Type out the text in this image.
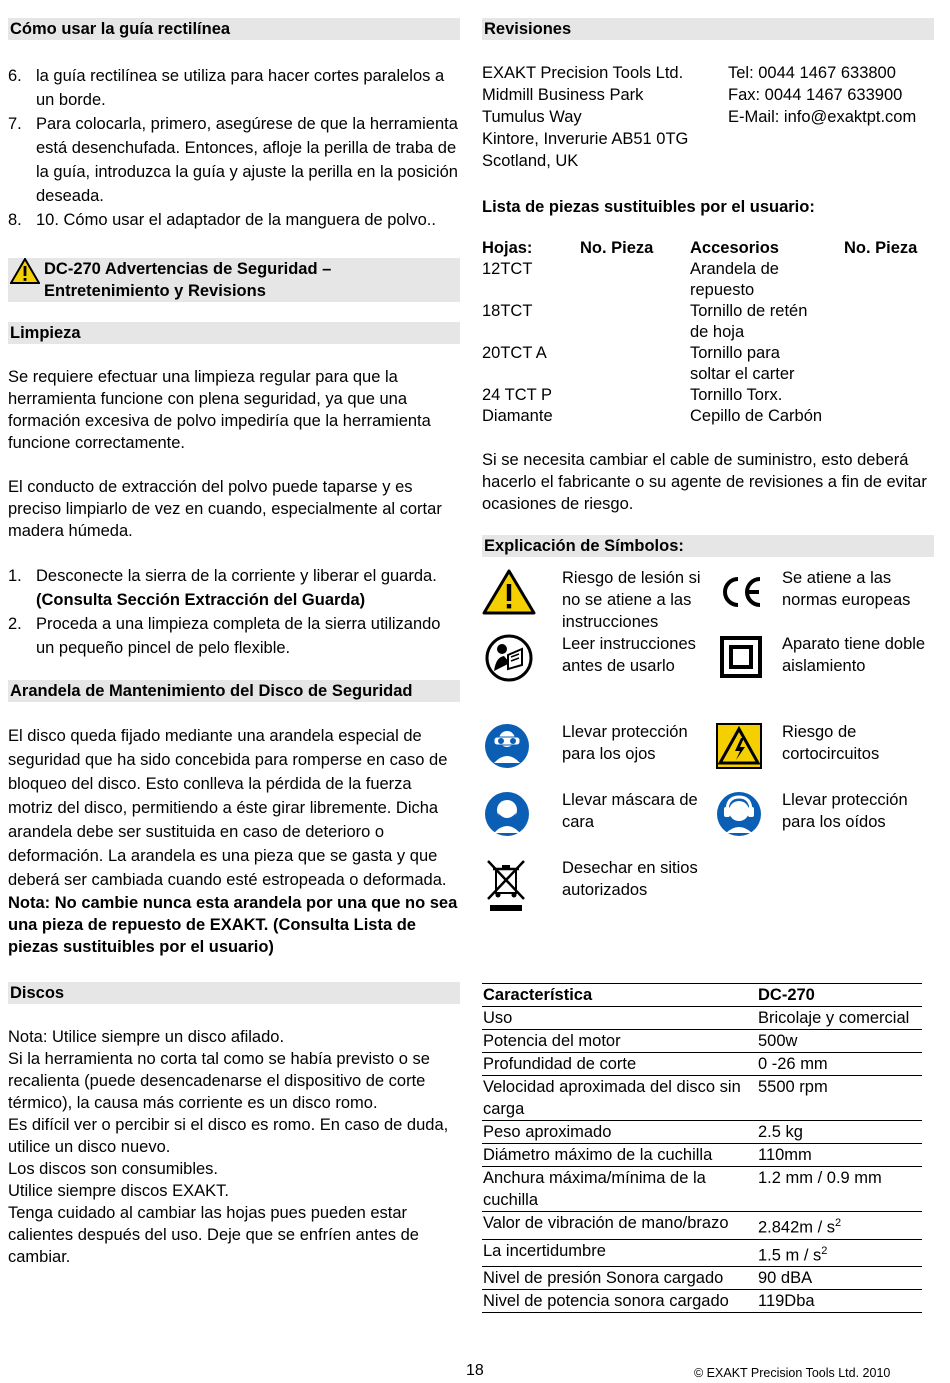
Cómo usar la guía rectilínea
6. la guía rectilínea se utiliza para hacer cortes paralelos a un borde.
7. Para colocarla, primero, asegúrese de que la herramienta está desenchufada. Entonces, afloje la perilla de traba de la guía, introduzca la guía y ajuste la perilla en la posición deseada.
8. 10. Cómo usar el adaptador de la manguera de polvo..
DC-270 Advertencias de Seguridad – Entretenimiento y Revisions
Limpieza
Se requiere efectuar una limpieza regular para que la herramienta funcione con plena seguridad, ya que una formación excesiva de polvo impediría que la herramienta funcione correctamente.
El conducto de extracción del polvo puede taparse y es preciso limpiarlo de vez en cuando, especialmente al cortar madera húmeda.
1. Desconecte la sierra de la corriente y liberar el guarda.
(Consulta Sección Extracción del Guarda)
2. Proceda a una limpieza completa de la sierra utilizando un pequeño pincel de pelo flexible.
Arandela de Mantenimiento del Disco de Seguridad
El disco queda fijado mediante una arandela especial de seguridad que ha sido concebida para romperse en caso de bloqueo del disco. Esto conlleva la pérdida de la fuerza motriz del disco, permitiendo a éste girar libremente. Dicha arandela debe ser sustituida en caso de deterioro o deformación. La arandela es una pieza que se gasta y que deberá ser cambiada cuando esté estropeada o deformada.
Nota: No cambie nunca esta arandela por una que no sea una pieza de repuesto de EXAKT. (Consulta Lista de piezas sustituibles por el usuario)
Discos
Nota: Utilice siempre un disco afilado.
Si la herramienta no corta tal como se había previsto o se recalienta (puede desencadenarse el dispositivo de corte térmico), la causa más corriente es un disco romo.
Es difícil ver o percibir si el disco es romo. En caso de duda, utilice un disco nuevo.
Los discos son consumibles.
Utilice siempre discos EXAKT.
Tenga cuidado al cambiar las hojas pues pueden estar calientes después del uso. Deje que se enfríen antes de cambiar.
Revisiones
EXAKT Precision Tools Ltd.
Midmill Business Park
Tumulus Way
Kintore, Inverurie AB51 0TG
Scotland, UK
Tel: 0044 1467 633800
Fax: 0044 1467 633900
E-Mail: info@exaktpt.com
Lista de piezas sustituibles por el usuario:
Hojas:	No. Pieza	Accesorios	No. Pieza
12TCT		Arandela de repuesto	
18TCT		Tornillo de retén de hoja	
20TCT A		Tornillo para soltar el carter	
24 TCT P		Tornillo Torx.	
Diamante		Cepillo de Carbón	
Si se necesita cambiar el cable de suministro, esto deberá hacerlo el fabricante o su agente de revisiones a fin de evitar ocasiones de riesgo.
Explicación de Símbolos:
Riesgo de lesión si no se atiene a las instrucciones
Se atiene a las normas europeas
Leer instrucciones antes de usarlo
Aparato tiene doble aislamiento
Llevar protección para los ojos
Riesgo de cortocircuitos
Llevar máscara de cara
Llevar protección para los oídos
Desechar en sitios autorizados
Característica	DC-270
Uso	Bricolaje y comercial
Potencia del motor	500w
Profundidad de corte	0 -26 mm
Velocidad aproximada del disco sin carga	5500 rpm
Peso aproximado	2.5 kg
Diámetro máximo de la cuchilla	110mm
Anchura máxima/mínima de la cuchilla	1.2 mm / 0.9 mm
Valor de vibración de mano/brazo	$2.842m / s^2$
La incertidumbre	1.5 m / $s^2$
Nivel de presión Sonora cargado	90 dBA
Nivel de potencia sonora cargado	119Dba
18	© EXAKT Precision Tools Ltd. 2010
